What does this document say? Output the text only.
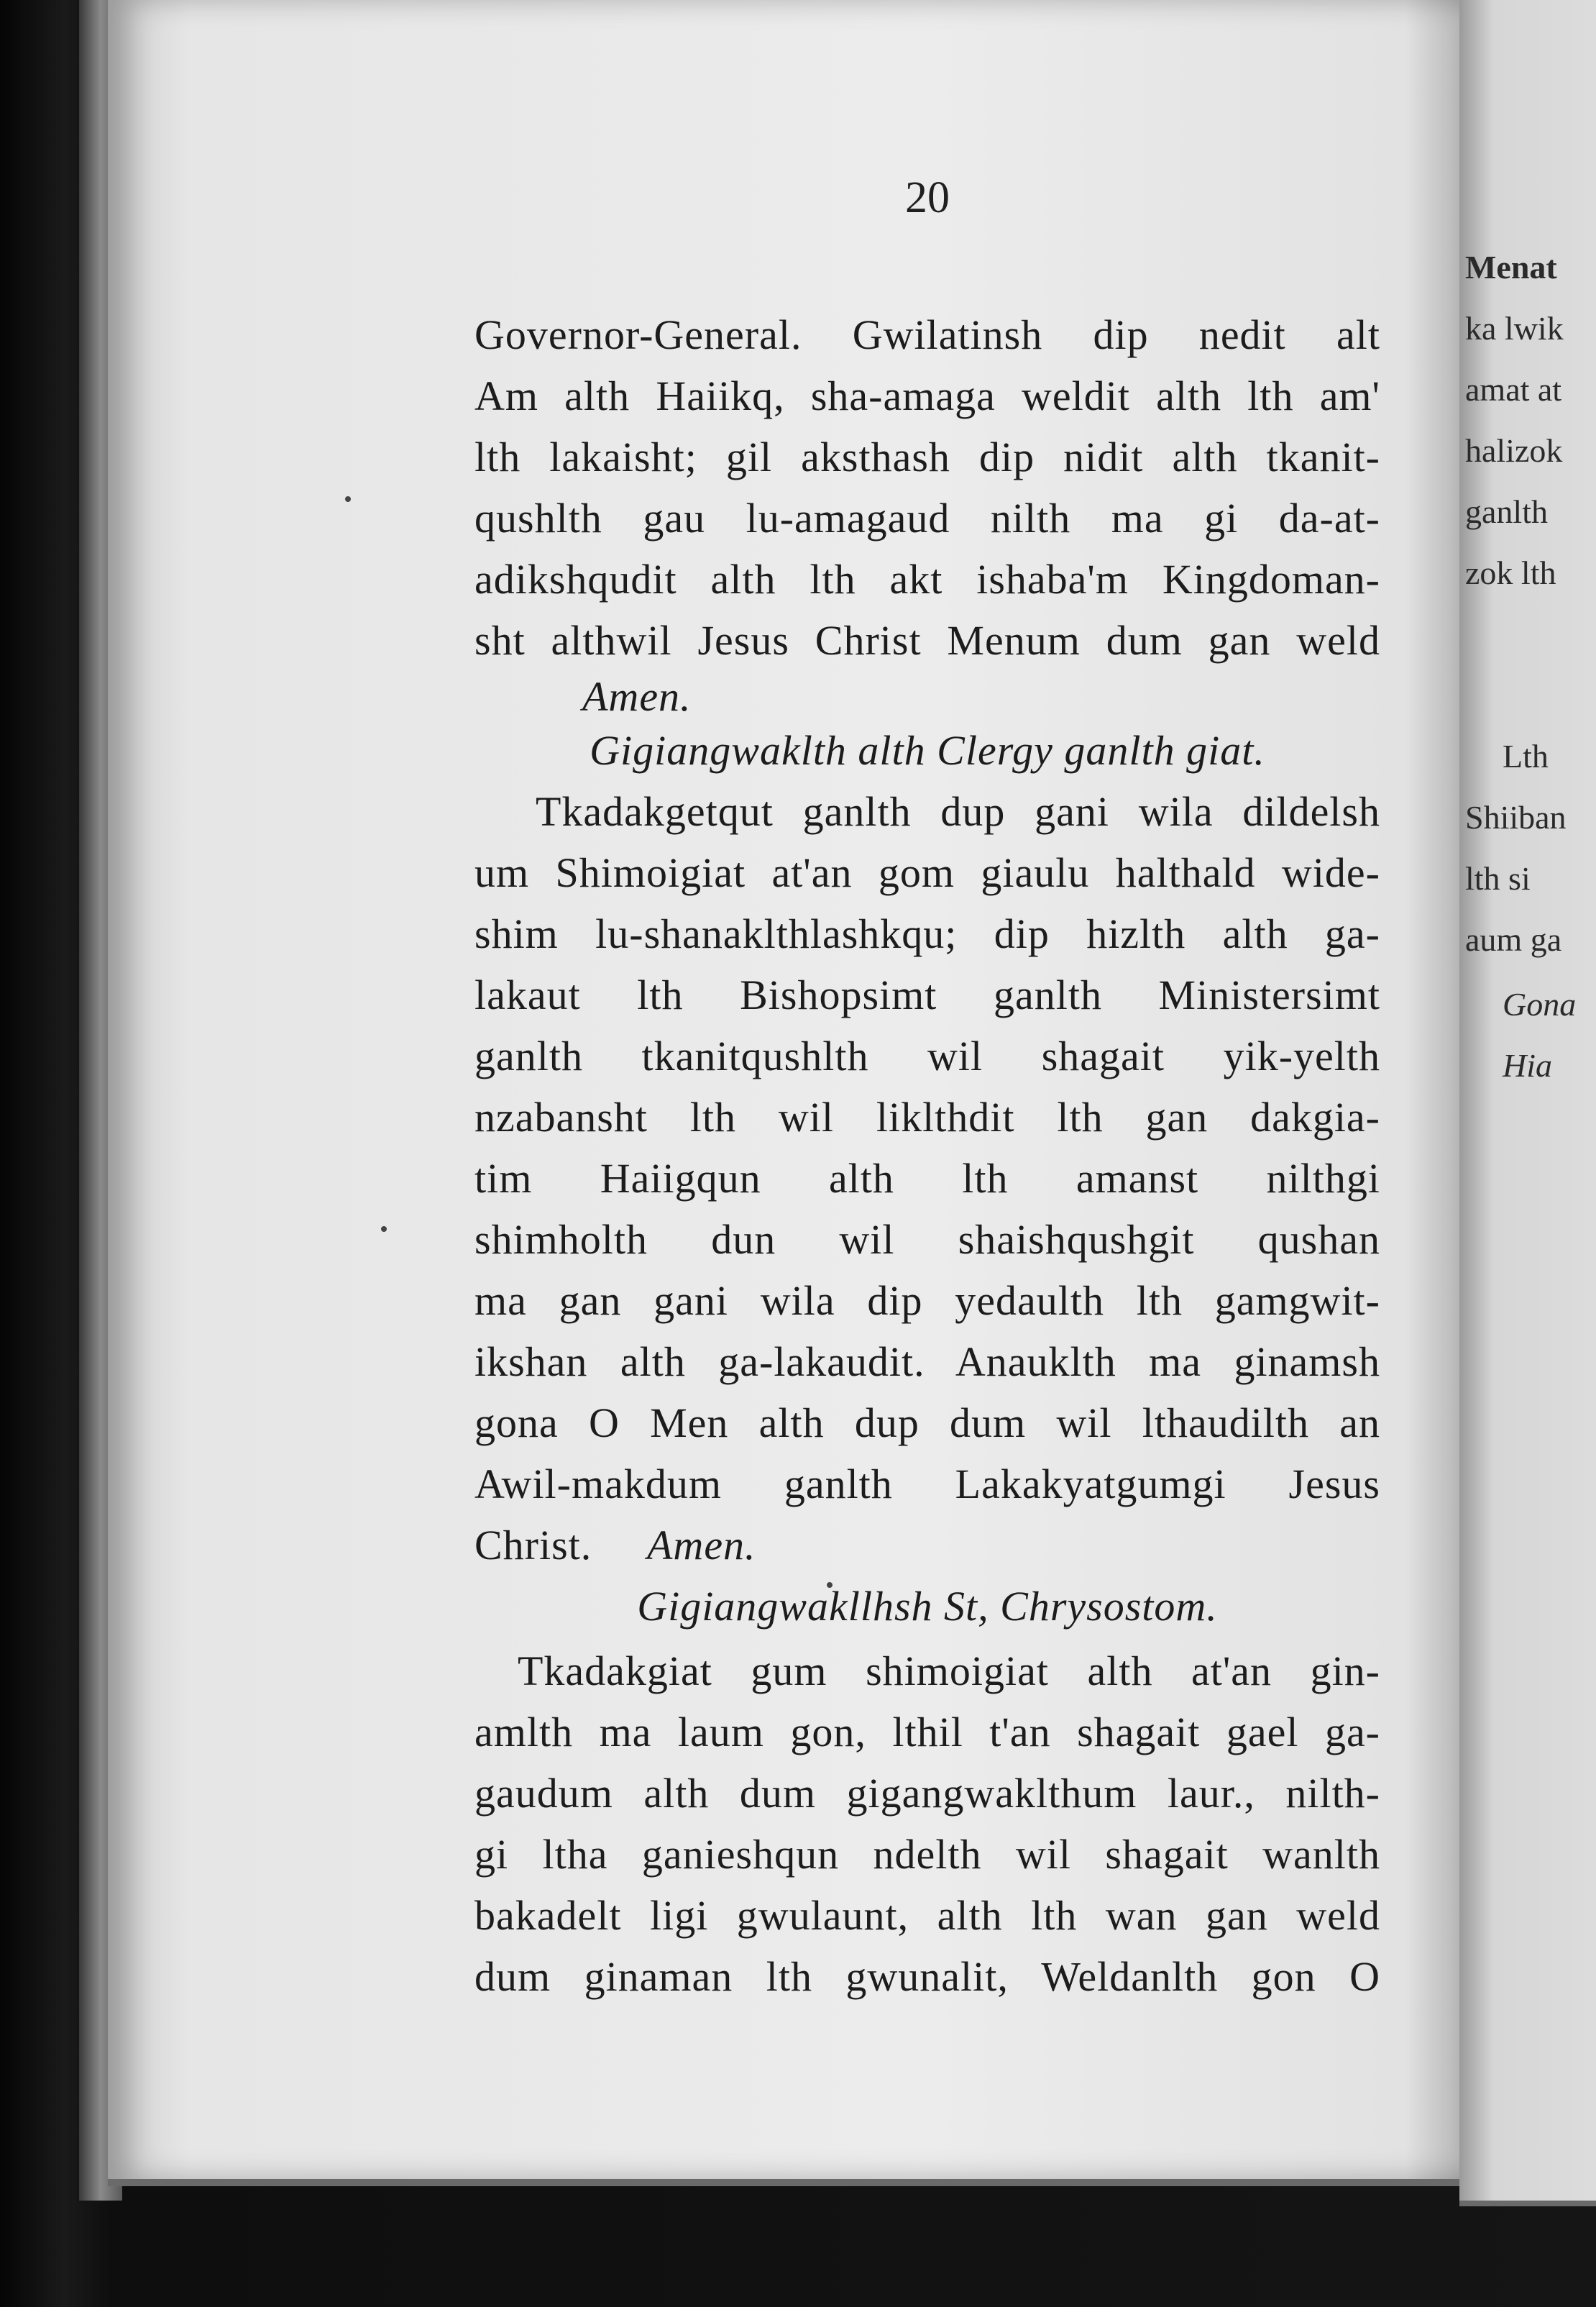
20
Governor-General. Gwilatinsh dip nedit alt
Am alth Haiikq, sha-amaga weldit alth lth am'
lth lakaisht; gil aksthash dip nidit alth tkanit-
qushlth gau lu-amagaud nilth ma gi da-at-
adikshqudit alth lth akt ishaba'm Kingdoman-
sht althwil Jesus Christ Menum dum gan weld
Amen.
Gigiangwaklth alth Clergy ganlth giat.
Tkadakgetqut ganlth dup gani wila dildelsh
um Shimoigiat at'an gom giaulu halthald wide-
shim lu-shanaklthlashkqu; dip hizlth alth ga-
lakaut lth Bishopsimt ganlth Ministersimt
ganlth tkanitqushlth wil shagait yik-yelth
nzabansht lth wil liklthdit lth gan dakgia-
tim Haiigqun alth lth amanst nilthgi
shimholth dun wil shaishqushgit qushan
ma gan gani wila dip yedaulth lth gamgwit-
ikshan alth ga-lakaudit. Anauklth ma ginamsh
gona O Men alth dup dum wil lthaudilth an
Awil-makdum ganlth Lakakyatgumgi Jesus
Christ. Amen.
Gigiangwakllhsh St, Chrysostom.
Tkadakgiat gum shimoigiat alth at'an gin-
amlth ma laum gon, lthil t'an shagait gael ga-
gaudum alth dum gigangwaklthum laur., nilth-
gi ltha ganieshqun ndelth wil shagait wanlth
bakadelt ligi gwulaunt, alth lth wan gan weld
dum ginaman lth gwunalit, Weldanlth gon O
Menat
ka lwik
amat at
halizok
ganlth
zok lth
Lth
Shiiban
lth si
aum ga
Gona
Hia
